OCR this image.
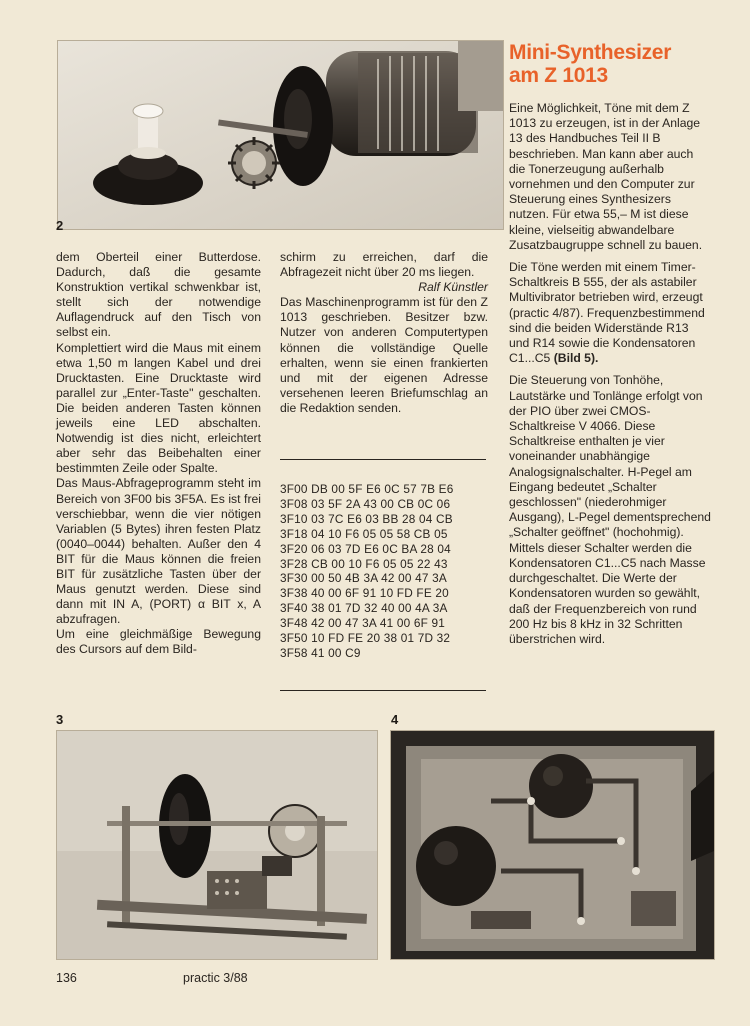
2
Mini-Synthesizer
am Z 1013

Eine Möglichkeit, Töne mit dem Z 1013 zu erzeugen, ist in der Anlage 13 des Handbuches Teil II B beschrieben. Man kann aber auch die Tonerzeugung außerhalb vornehmen und den Computer zur Steuerung eines Synthesizers nutzen. Für etwa 55,– M ist diese kleine, vielseitig abwandelbare Zusatzbaugruppe schnell zu bauen.

Die Töne werden mit einem Timer-Schaltkreis B 555, der als astabiler Multivibrator betrieben wird, erzeugt (practic 4/87). Frequenzbestimmend sind die beiden Widerstände R13 und R14 sowie die Kondensatoren C1...C5 (Bild 5).

Die Steuerung von Tonhöhe, Lautstärke und Tonlänge erfolgt von der PIO über zwei CMOS-Schaltkreise V 4066. Diese Schaltkreise enthalten je vier voneinander unabhängige Analogsignalschalter. H-Pegel am Eingang bedeutet „Schalter geschlossen" (niederohmiger Ausgang), L-Pegel dementsprechend „Schalter geöffnet" (hochohmig). Mittels dieser Schalter werden die Kondensatoren C1...C5 nach Masse durchgeschaltet. Die Werte der Kondensatoren wurden so gewählt, daß der Frequenzbereich von rund 200 Hz bis 8 kHz in 32 Schritten überstrichen wird.

dem Oberteil einer Butterdose. Dadurch, daß die gesamte Konstruktion vertikal schwenkbar ist, stellt sich der notwendige Auflagendruck auf den Tisch von selbst ein.

Komplettiert wird die Maus mit einem etwa 1,50 m langen Kabel und drei Drucktasten. Eine Drucktaste wird parallel zur „Enter-Taste" geschalten. Die beiden anderen Tasten können jeweils eine LED abschalten. Notwendig ist dies nicht, erleichtert aber sehr das Beibehalten einer bestimmten Zeile oder Spalte.

Das Maus-Abfrageprogramm steht im Bereich von 3F00 bis 3F5A. Es ist frei verschiebbar, wenn die vier nötigen Variablen (5 Bytes) ihren festen Platz (0040–0044) behalten. Außer den 4 BIT für die Maus können die freien BIT für zusätzliche Tasten über der Maus genutzt werden. Diese sind dann mit IN A, (PORT) α BIT x, A abzufragen.

Um eine gleichmäßige Bewegung des Cursors auf dem Bild-

schirm zu erreichen, darf die Abfragezeit nicht über 20 ms liegen.

Ralf Künstler

Das Maschinenprogramm ist für den Z 1013 geschrieben. Besitzer bzw. Nutzer von anderen Computertypen können die vollständige Quelle erhalten, wenn sie einen frankierten und mit der eigenen Adresse versehenen leeren Briefumschlag an die Redaktion senden.

3F00 DB 00 5F E6 0C 57 7B E6
3F08 03 5F 2A 43 00 CB 0C 06
3F10 03 7C E6 03 BB 28 04 CB
3F18 04 10 F6 05 05 58 CB 05
3F20 06 03 7D E6 0C BA 28 04
3F28 CB 00 10 F6 05 05 22 43
3F30 00 50 4B 3A 42 00 47 3A
3F38 40 00 6F 91 10 FD FE 20
3F40 38 01 7D 32 40 00 4A 3A
3F48 42 00 47 3A 41 00 6F 91
3F50 10 FD FE 20 38 01 7D 32
3F58 41 00 C9
3	4
136	practic 3/88
